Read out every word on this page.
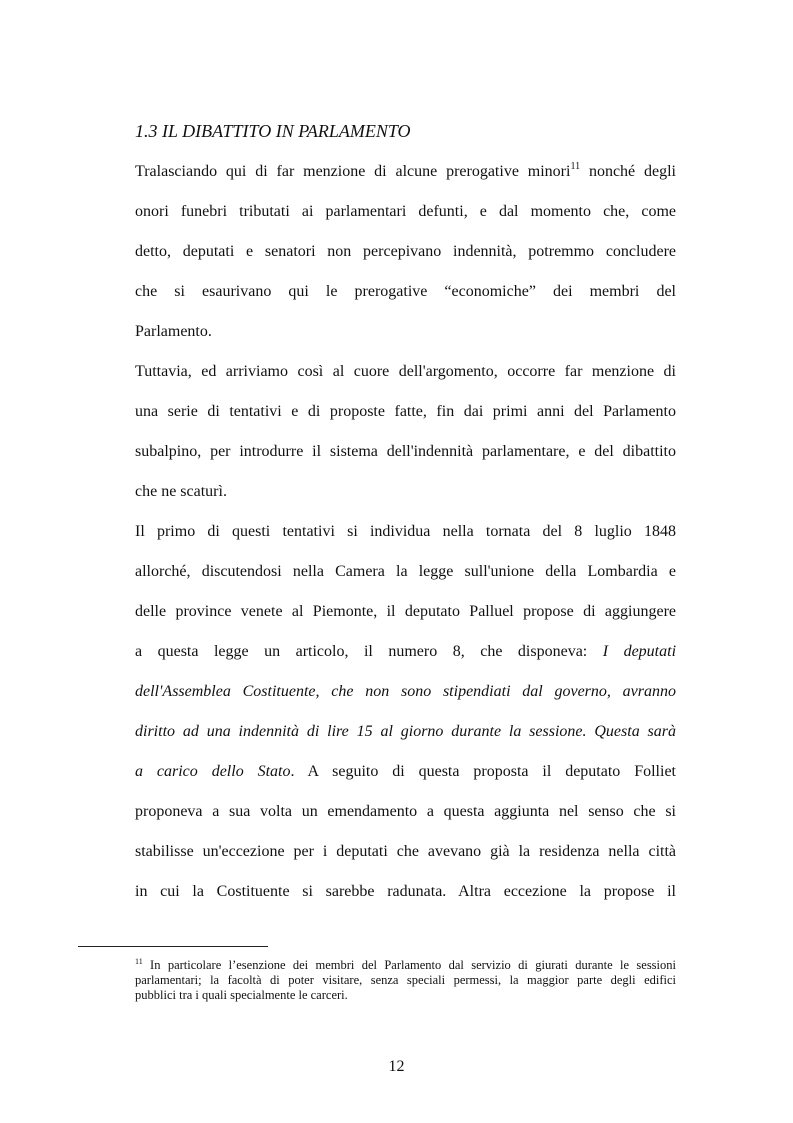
1.3 IL DIBATTITO IN PARLAMENTO
Tralasciando qui di far menzione di alcune prerogative minori$^{11}$ nonché degli
onori funebri tributati ai parlamentari defunti, e dal momento che, come
detto, deputati e senatori non percepivano indennità, potremmo concludere
che si esaurivano qui le prerogative “economiche” dei membri del
Parlamento.
Tuttavia, ed arriviamo così al cuore dell'argomento, occorre far menzione di
una serie di tentativi e di proposte fatte, fin dai primi anni del Parlamento
subalpino, per introdurre il sistema dell'indennità parlamentare, e del dibattito
che ne scaturì.
Il primo di questi tentativi si individua nella tornata del 8 luglio 1848
allorché, discutendosi nella Camera la legge sull'unione della Lombardia e
delle province venete al Piemonte, il deputato Palluel propose di aggiungere
a questa legge un articolo, il numero 8, che disponeva: I deputati
dell'Assemblea Costituente, che non sono stipendiati dal governo, avranno
diritto ad una indennità di lire 15 al giorno durante la sessione. Questa sarà
a carico dello Stato. A seguito di questa proposta il deputato Folliet
proponeva a sua volta un emendamento a questa aggiunta nel senso che si
stabilisse un'eccezione per i deputati che avevano già la residenza nella città
in cui la Costituente si sarebbe radunata. Altra eccezione la propose il
$^{11}$ In particolare l’esenzione dei membri del Parlamento dal servizio di giurati durante le sessioni
parlamentari; la facoltà di poter visitare, senza speciali permessi, la maggior parte degli edifici
pubblici tra i quali specialmente le carceri.
12
